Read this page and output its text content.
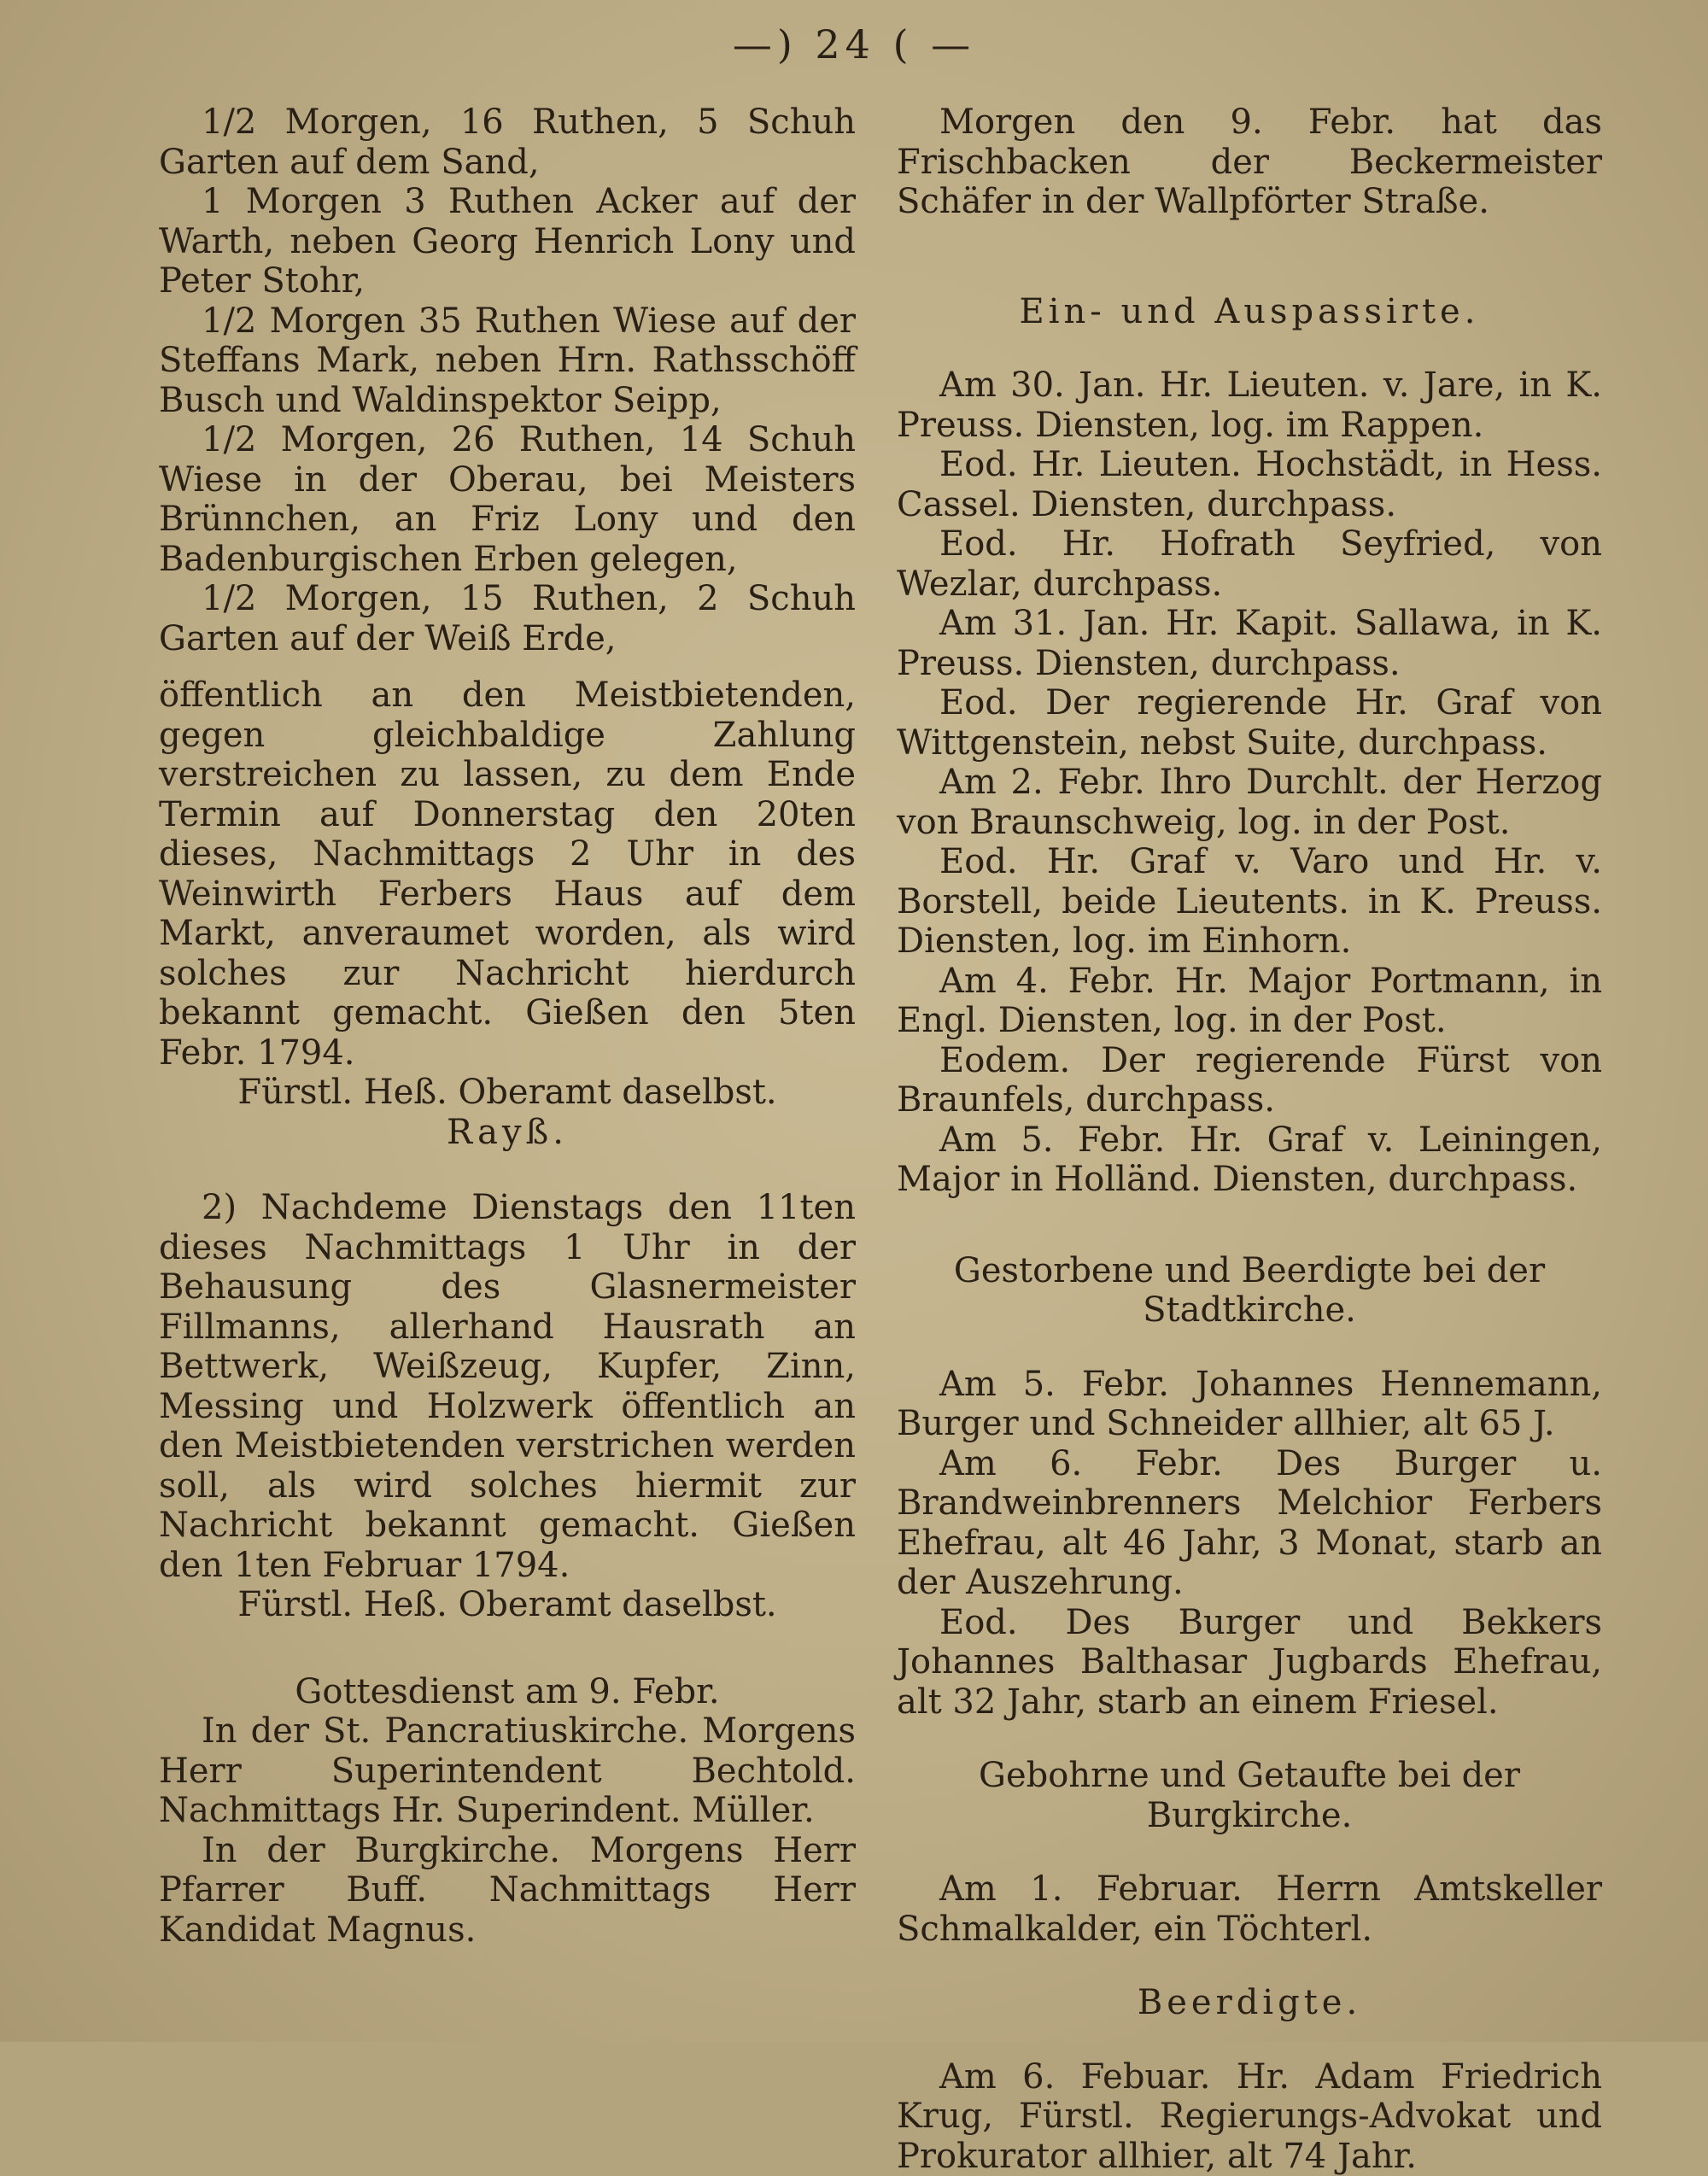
—) 24 ( —

1/2 Morgen, 16 Ruthen, 5 Schuh Garten auf dem Sand,

1 Morgen 3 Ruthen Acker auf der Warth, neben Georg Henrich Lony und Peter Stohr,

1/2 Morgen 35 Ruthen Wiese auf der Steffans Mark, neben Hrn. Rathsschöff Busch und Waldinspektor Seipp,

1/2 Morgen, 26 Ruthen, 14 Schuh Wiese in der Oberau, bei Meisters Brünnchen, an Friz Lony und den Badenburgischen Erben gelegen,

1/2 Morgen, 15 Ruthen, 2 Schuh Garten auf der Weiß Erde,

öffentlich an den Meistbietenden, gegen gleichbaldige Zahlung verstreichen zu lassen, zu dem Ende Termin auf Donnerstag den 20ten dieses, Nachmittags 2 Uhr in des Weinwirth Ferbers Haus auf dem Markt, anveraumet worden, als wird solches zur Nachricht hierdurch bekannt gemacht. Gießen den 5ten Febr. 1794.

Fürstl. Heß. Oberamt daselbst.

Rayß.

2) Nachdeme Dienstags den 11ten dieses Nachmittags 1 Uhr in der Behausung des Glasnermeister Fillmanns, allerhand Hausrath an Bettwerk, Weißzeug, Kupfer, Zinn, Messing und Holzwerk öffentlich an den Meistbietenden verstrichen werden soll, als wird solches hiermit zur Nachricht bekannt gemacht. Gießen den 1ten Februar 1794.

Fürstl. Heß. Oberamt daselbst.

Gottesdienst am 9. Febr.

In der St. Pancratiuskirche. Morgens Herr Superintendent Bechtold. Nachmittags Hr. Superindent. Müller.

In der Burgkirche. Morgens Herr Pfarrer Buff. Nachmittags Herr Kandidat Magnus.

Morgen den 9. Febr. hat das Frischbacken der Beckermeister Schäfer in der Wallpförter Straße.

Ein- und Auspassirte.

Am 30. Jan. Hr. Lieuten. v. Jare, in K. Preuss. Diensten, log. im Rappen.

Eod. Hr. Lieuten. Hochstädt, in Hess. Cassel. Diensten, durchpass.

Eod. Hr. Hofrath Seyfried, von Wezlar, durchpass.

Am 31. Jan. Hr. Kapit. Sallawa, in K. Preuss. Diensten, durchpass.

Eod. Der regierende Hr. Graf von Wittgenstein, nebst Suite, durchpass.

Am 2. Febr. Ihro Durchlt. der Herzog von Braunschweig, log. in der Post.

Eod. Hr. Graf v. Varo und Hr. v. Borstell, beide Lieutents. in K. Preuss. Diensten, log. im Einhorn.

Am 4. Febr. Hr. Major Portmann, in Engl. Diensten, log. in der Post.

Eodem. Der regierende Fürst von Braunfels, durchpass.

Am 5. Febr. Hr. Graf v. Leiningen, Major in Holländ. Diensten, durchpass.

Gestorbene und Beerdigte bei der Stadtkirche.

Am 5. Febr. Johannes Hennemann, Burger und Schneider allhier, alt 65 J.

Am 6. Febr. Des Burger u. Brandweinbrenners Melchior Ferbers Ehefrau, alt 46 Jahr, 3 Monat, starb an der Auszehrung.

Eod. Des Burger und Bekkers Johannes Balthasar Jugbards Ehefrau, alt 32 Jahr, starb an einem Friesel.

Gebohrne und Getaufte bei der Burgkirche.

Am 1. Februar. Herrn Amtskeller Schmalkalder, ein Töchterl.

Beerdigte.

Am 6. Febuar. Hr. Adam Friedrich Krug, Fürstl. Regierungs-Advokat und Prokurator allhier, alt 74 Jahr.
